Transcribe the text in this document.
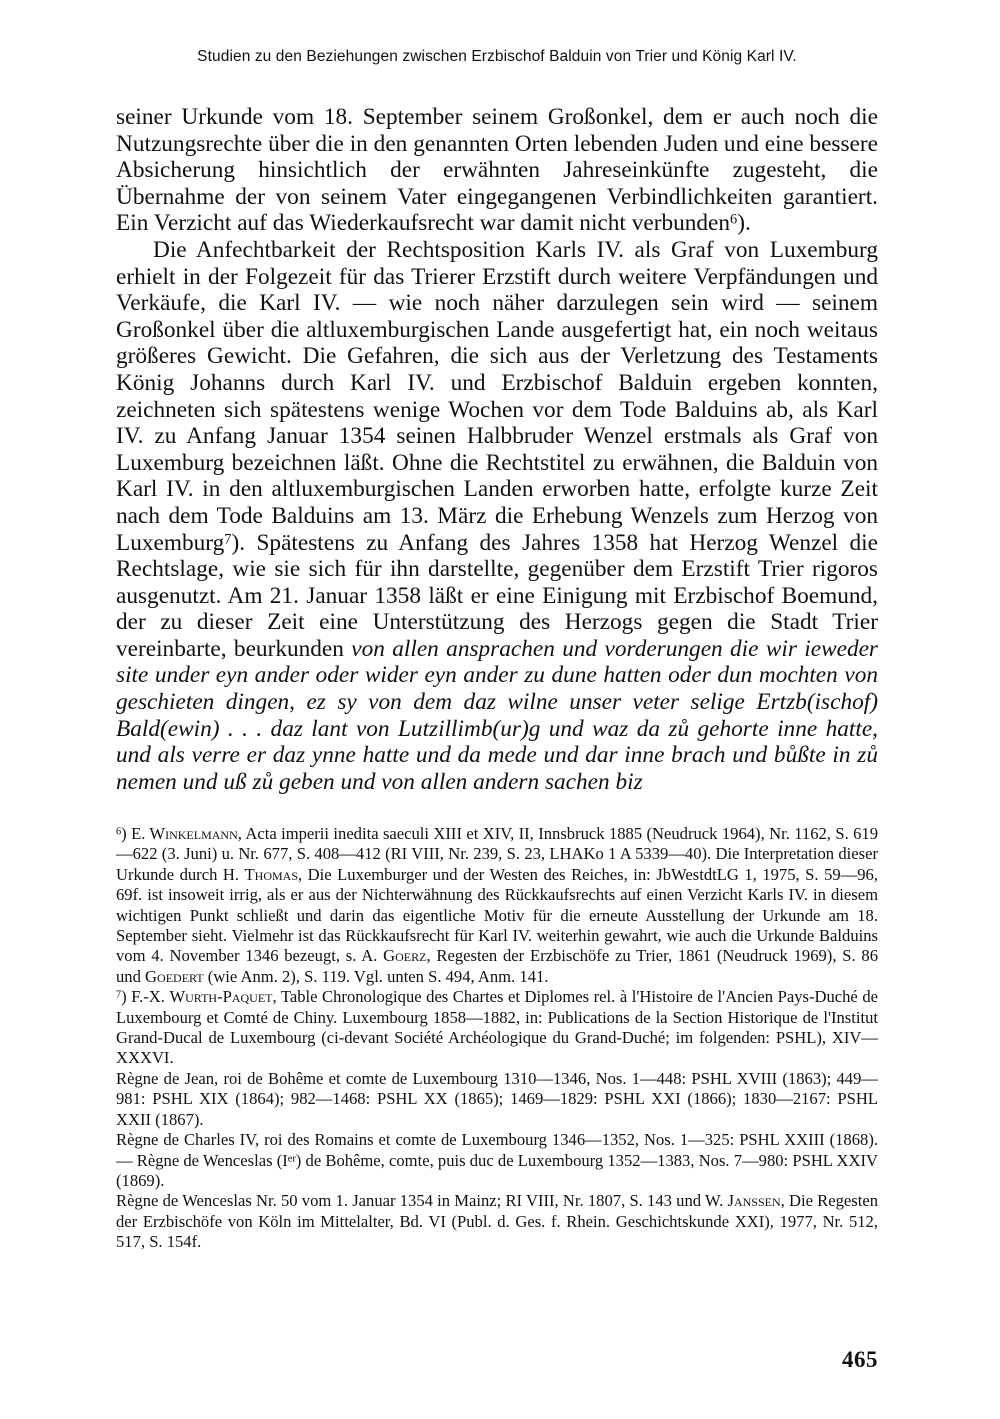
Studien zu den Beziehungen zwischen Erzbischof Balduin von Trier und König Karl IV.

seiner Urkunde vom 18. September seinem Großonkel, dem er auch noch die Nutzungsrechte über die in den genannten Orten lebenden Juden und eine bessere Absicherung hinsichtlich der erwähnten Jahreseinkünfte zugesteht, die Übernahme der von seinem Vater eingegangenen Verbindlichkeiten garantiert. Ein Verzicht auf das Wiederkaufsrecht war damit nicht verbunden$^6$).

Die Anfechtbarkeit der Rechtsposition Karls IV. als Graf von Luxemburg erhielt in der Folgezeit für das Trierer Erzstift durch weitere Verpfändungen und Verkäufe, die Karl IV. — wie noch näher darzulegen sein wird — seinem Großonkel über die altluxemburgischen Lande ausgefertigt hat, ein noch weitaus größeres Gewicht. Die Gefahren, die sich aus der Verletzung des Testaments König Johanns durch Karl IV. und Erzbischof Balduin ergeben konnten, zeichneten sich spätestens wenige Wochen vor dem Tode Balduins ab, als Karl IV. zu Anfang Januar 1354 seinen Halbbruder Wenzel erstmals als Graf von Luxemburg bezeichnen läßt. Ohne die Rechtstitel zu erwähnen, die Balduin von Karl IV. in den altluxemburgischen Landen erworben hatte, erfolgte kurze Zeit nach dem Tode Balduins am 13. März die Erhebung Wenzels zum Herzog von Luxemburg$^7$). Spätestens zu Anfang des Jahres 1358 hat Herzog Wenzel die Rechtslage, wie sie sich für ihn darstellte, gegenüber dem Erzstift Trier rigoros ausgenutzt. Am 21. Januar 1358 läßt er eine Einigung mit Erzbischof Boemund, der zu dieser Zeit eine Unterstützung des Herzogs gegen die Stadt Trier vereinbarte, beurkunden von allen ansprachen und vorderungen die wir ieweder site under eyn ander oder wider eyn ander zu dune hatten oder dun mochten von geschieten dingen, ez sy von dem daz wilne unser veter selige Ertzb(ischof) Bald(ewin) . . . daz lant von Lutzillimb(ur)g und waz da zů gehorte inne hatte, und als verre er daz ynne hatte und da mede und dar inne brach und bůßte in zů nemen und uß zů geben und von allen andern sachen biz

$^6$) E. Winkelmann, Acta imperii inedita saeculi XIII et XIV, II, Innsbruck 1885 (Neudruck 1964), Nr. 1162, S. 619—622 (3. Juni) u. Nr. 677, S. 408—412 (RI VIII, Nr. 239, S. 23, LHAKo 1 A 5339—40). Die Interpretation dieser Urkunde durch H. Thomas, Die Luxemburger und der Westen des Reiches, in: JbWestdtLG 1, 1975, S. 59—96, 69f. ist insoweit irrig, als er aus der Nichterwähnung des Rückkaufsrechts auf einen Verzicht Karls IV. in diesem wichtigen Punkt schließt und darin das eigentliche Motiv für die erneute Ausstellung der Urkunde am 18. September sieht. Vielmehr ist das Rückkaufsrecht für Karl IV. weiterhin gewahrt, wie auch die Urkunde Balduins vom 4. November 1346 bezeugt, s. A. Goerz, Regesten der Erzbischöfe zu Trier, 1861 (Neudruck 1969), S. 86 und Goedert (wie Anm. 2), S. 119. Vgl. unten S. 494, Anm. 141.

$^7$) F.-X. Wurth-Paquet, Table Chronologique des Chartes et Diplomes rel. à l'Histoire de l'Ancien Pays-Duché de Luxembourg et Comté de Chiny. Luxembourg 1858—1882, in: Publications de la Section Historique de l'Institut Grand-Ducal de Luxembourg (ci-devant Société Archéologique du Grand-Duché; im folgenden: PSHL), XIV—XXXVI.

Règne de Jean, roi de Bohême et comte de Luxembourg 1310—1346, Nos. 1—448: PSHL XVIII (1863); 449—981: PSHL XIX (1864); 982—1468: PSHL XX (1865); 1469—1829: PSHL XXI (1866); 1830—2167: PSHL XXII (1867).

Règne de Charles IV, roi des Romains et comte de Luxembourg 1346—1352, Nos. 1—325: PSHL XXIII (1868). — Règne de Wenceslas (Ier) de Bohême, comte, puis duc de Luxembourg 1352—1383, Nos. 7—980: PSHL XXIV (1869).

Règne de Wenceslas Nr. 50 vom 1. Januar 1354 in Mainz; RI VIII, Nr. 1807, S. 143 und W. Janssen, Die Regesten der Erzbischöfe von Köln im Mittelalter, Bd. VI (Publ. d. Ges. f. Rhein. Geschichtskunde XXI), 1977, Nr. 512, 517, S. 154f.

465
